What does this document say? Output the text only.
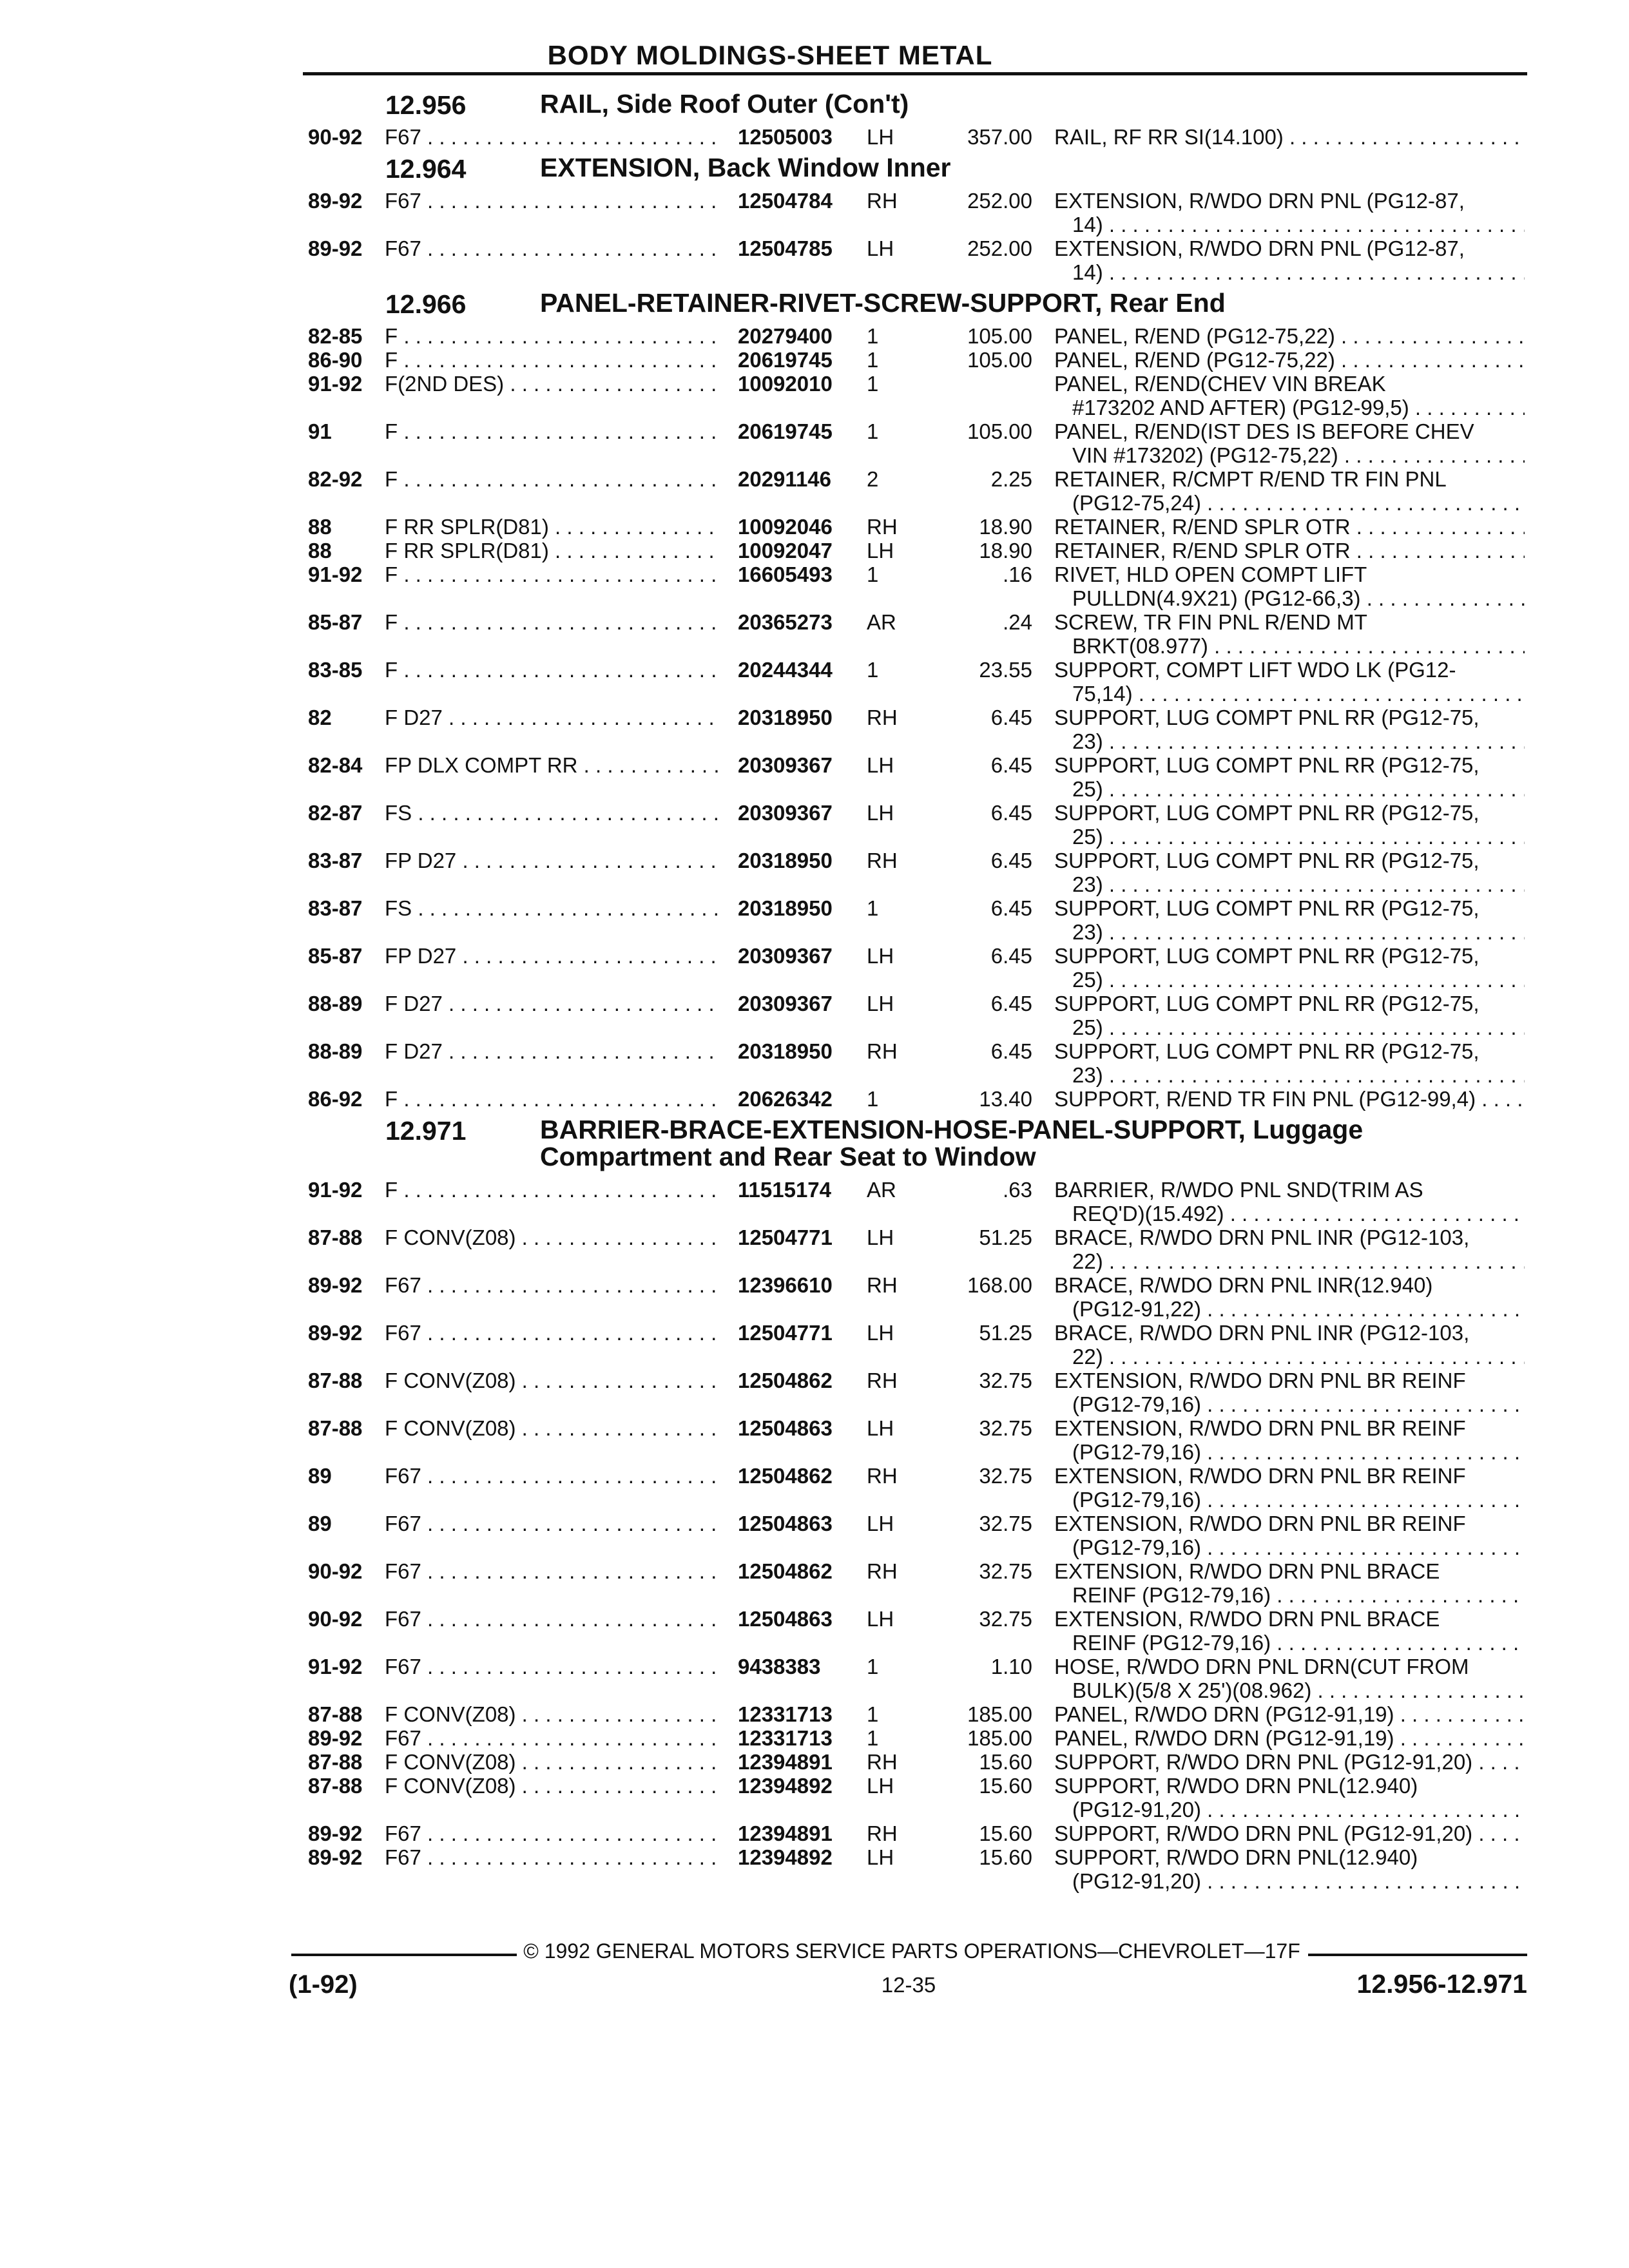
BODY MOLDINGS-SHEET METAL
12.956	RAIL, Side Roof Outer (Con't)
90-92 F67 . . .	12505003 LH	357.00 RAIL, RF RR SI(14.100) . . .
12.964	EXTENSION, Back Window Inner
89-92 F67 . . .	12504784 RH	252.00 EXTENSION, R/WDO DRN PNL (PG12-87,
14) . . .
89-92 F67 . . .	12504785 LH	252.00 EXTENSION, R/WDO DRN PNL (PG12-87,
14) . . .
12.966	PANEL-RETAINER-RIVET-SCREW-SUPPORT, Rear End
82-85 F . . .	20279400 1	105.00 PANEL, R/END (PG12-75,22) . . .
86-90 F . . .	20619745 1	105.00 PANEL, R/END (PG12-75,22) . . .
91-92 F(2ND DES) . . .	10092010 1	PANEL, R/END(CHEV VIN BREAK
#173202 AND AFTER) (PG12-99,5) . . .
91 F . . .	20619745 1	105.00 PANEL, R/END(IST DES IS BEFORE CHEV
VIN #173202) (PG12-75,22) . . .
82-92 F . . .	20291146 2	2.25 RETAINER, R/CMPT R/END TR FIN PNL
(PG12-75,24) . . .
88 F RR SPLR(D81) . . .	10092046 RH	18.90 RETAINER, R/END SPLR OTR . . .
88 F RR SPLR(D81) . . .	10092047 LH	18.90 RETAINER, R/END SPLR OTR . . .
91-92 F . . .	16605493 1	.16 RIVET, HLD OPEN COMPT LIFT
PULLDN(4.9X21) (PG12-66,3) . . .
85-87 F . . .	20365273 AR	.24 SCREW, TR FIN PNL R/END MT
BRKT(08.977) . . .
83-85 F . . .	20244344 1	23.55 SUPPORT, COMPT LIFT WDO LK (PG12-
75,14) . . .
82 F D27 . . .	20318950 RH	6.45 SUPPORT, LUG COMPT PNL RR (PG12-75,
23) . . .
82-84 FP DLX COMPT RR . . .	20309367 LH	6.45 SUPPORT, LUG COMPT PNL RR (PG12-75,
25) . . .
82-87 FS . . .	20309367 LH	6.45 SUPPORT, LUG COMPT PNL RR (PG12-75,
25) . . .
83-87 FP D27 . . .	20318950 RH	6.45 SUPPORT, LUG COMPT PNL RR (PG12-75,
23) . . .
83-87 FS . . .	20318950 1	6.45 SUPPORT, LUG COMPT PNL RR (PG12-75,
23) . . .
85-87 FP D27 . . .	20309367 LH	6.45 SUPPORT, LUG COMPT PNL RR (PG12-75,
25) . . .
88-89 F D27 . . .	20309367 LH	6.45 SUPPORT, LUG COMPT PNL RR (PG12-75,
25) . . .
88-89 F D27 . . .	20318950 RH	6.45 SUPPORT, LUG COMPT PNL RR (PG12-75,
23) . . .
86-92 F . . .	20626342 1	13.40 SUPPORT, R/END TR FIN PNL (PG12-99,4) . . .
12.971	BARRIER-BRACE-EXTENSION-HOSE-PANEL-SUPPORT, Luggage
Compartment and Rear Seat to Window
91-92 F . . .	11515174 AR	.63 BARRIER, R/WDO PNL SND(TRIM AS
REQ'D)(15.492) . . .
87-88 F CONV(Z08) . . .	12504771 LH	51.25 BRACE, R/WDO DRN PNL INR (PG12-103,
22) . . .
89-92 F67 . . .	12396610 RH	168.00 BRACE, R/WDO DRN PNL INR(12.940)
(PG12-91,22) . . .
89-92 F67 . . .	12504771 LH	51.25 BRACE, R/WDO DRN PNL INR (PG12-103,
22) . . .
87-88 F CONV(Z08) . . .	12504862 RH	32.75 EXTENSION, R/WDO DRN PNL BR REINF
(PG12-79,16) . . .
87-88 F CONV(Z08) . . .	12504863 LH	32.75 EXTENSION, R/WDO DRN PNL BR REINF
(PG12-79,16) . . .
89 F67 . . .	12504862 RH	32.75 EXTENSION, R/WDO DRN PNL BR REINF
(PG12-79,16) . . .
89 F67 . . .	12504863 LH	32.75 EXTENSION, R/WDO DRN PNL BR REINF
(PG12-79,16) . . .
90-92 F67 . . .	12504862 RH	32.75 EXTENSION, R/WDO DRN PNL BRACE
REINF (PG12-79,16) . . .
90-92 F67 . . .	12504863 LH	32.75 EXTENSION, R/WDO DRN PNL BRACE
REINF (PG12-79,16) . . .
91-92 F67 . . .	9438383 1	1.10 HOSE, R/WDO DRN PNL DRN(CUT FROM
BULK)(5/8 X 25')(08.962) . . .
87-88 F CONV(Z08) . . .	12331713 1	185.00 PANEL, R/WDO DRN (PG12-91,19) . . .
89-92 F67 . . .	12331713 1	185.00 PANEL, R/WDO DRN (PG12-91,19) . . .
87-88 F CONV(Z08) . . .	12394891 RH	15.60 SUPPORT, R/WDO DRN PNL (PG12-91,20) . . .
87-88 F CONV(Z08) . . .	12394892 LH	15.60 SUPPORT, R/WDO DRN PNL(12.940)
(PG12-91,20) . . .
89-92 F67 . . .	12394891 RH	15.60 SUPPORT, R/WDO DRN PNL (PG12-91,20) . . .
89-92 F67 . . .	12394892 LH	15.60 SUPPORT, R/WDO DRN PNL(12.940)
(PG12-91,20) . . .
© 1992 GENERAL MOTORS SERVICE PARTS OPERATIONS—CHEVROLET—17F
(1-92)	12-35	12.956-12.971
